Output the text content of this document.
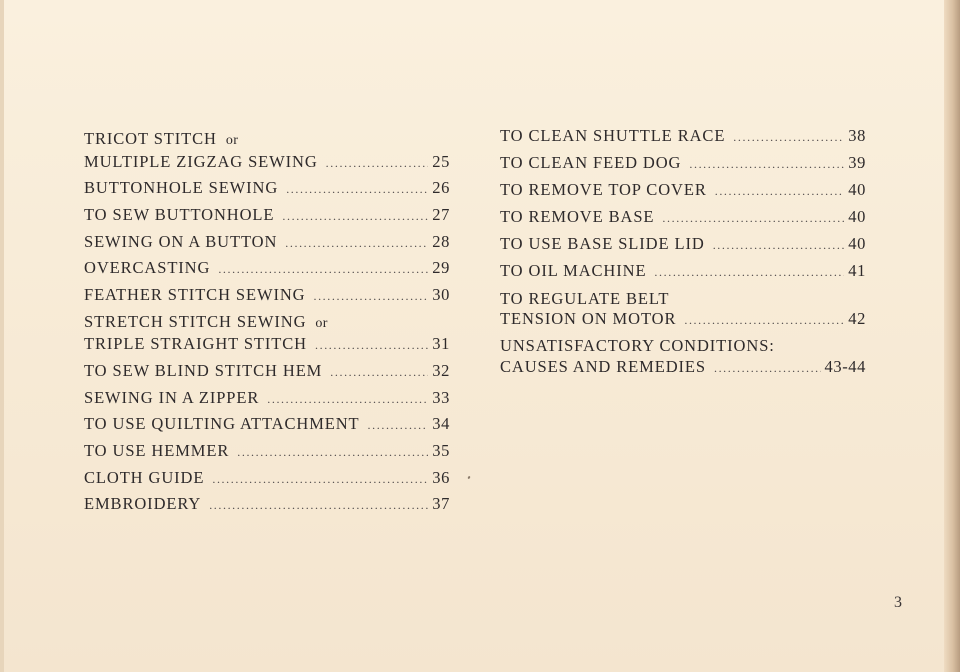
TRICOT STITCH or
MULTIPLE ZIGZAG SEWING .....	25
BUTTONHOLE SEWING .....	26
TO SEW BUTTONHOLE .....	27
SEWING ON A BUTTON .....	28
OVERCASTING .....	29
FEATHER STITCH SEWING .....	30
STRETCH STITCH SEWING or
TRIPLE STRAIGHT STITCH .....	31
TO SEW BLIND STITCH HEM .....	32
SEWING IN A ZIPPER .....	33
TO USE QUILTING ATTACHMENT .....	34
TO USE HEMMER .....	35
CLOTH GUIDE .....	36
EMBROIDERY .....	37
TO CLEAN SHUTTLE RACE .....	38
TO CLEAN FEED DOG .....	39
TO REMOVE TOP COVER .....	40
TO REMOVE BASE .....	40
TO USE BASE SLIDE LID .....	40
TO OIL MACHINE .....	41
TO REGULATE BELT
TENSION ON MOTOR .....	42
UNSATISFACTORY CONDITIONS:
CAUSES AND REMEDIES .....	43-44
3
